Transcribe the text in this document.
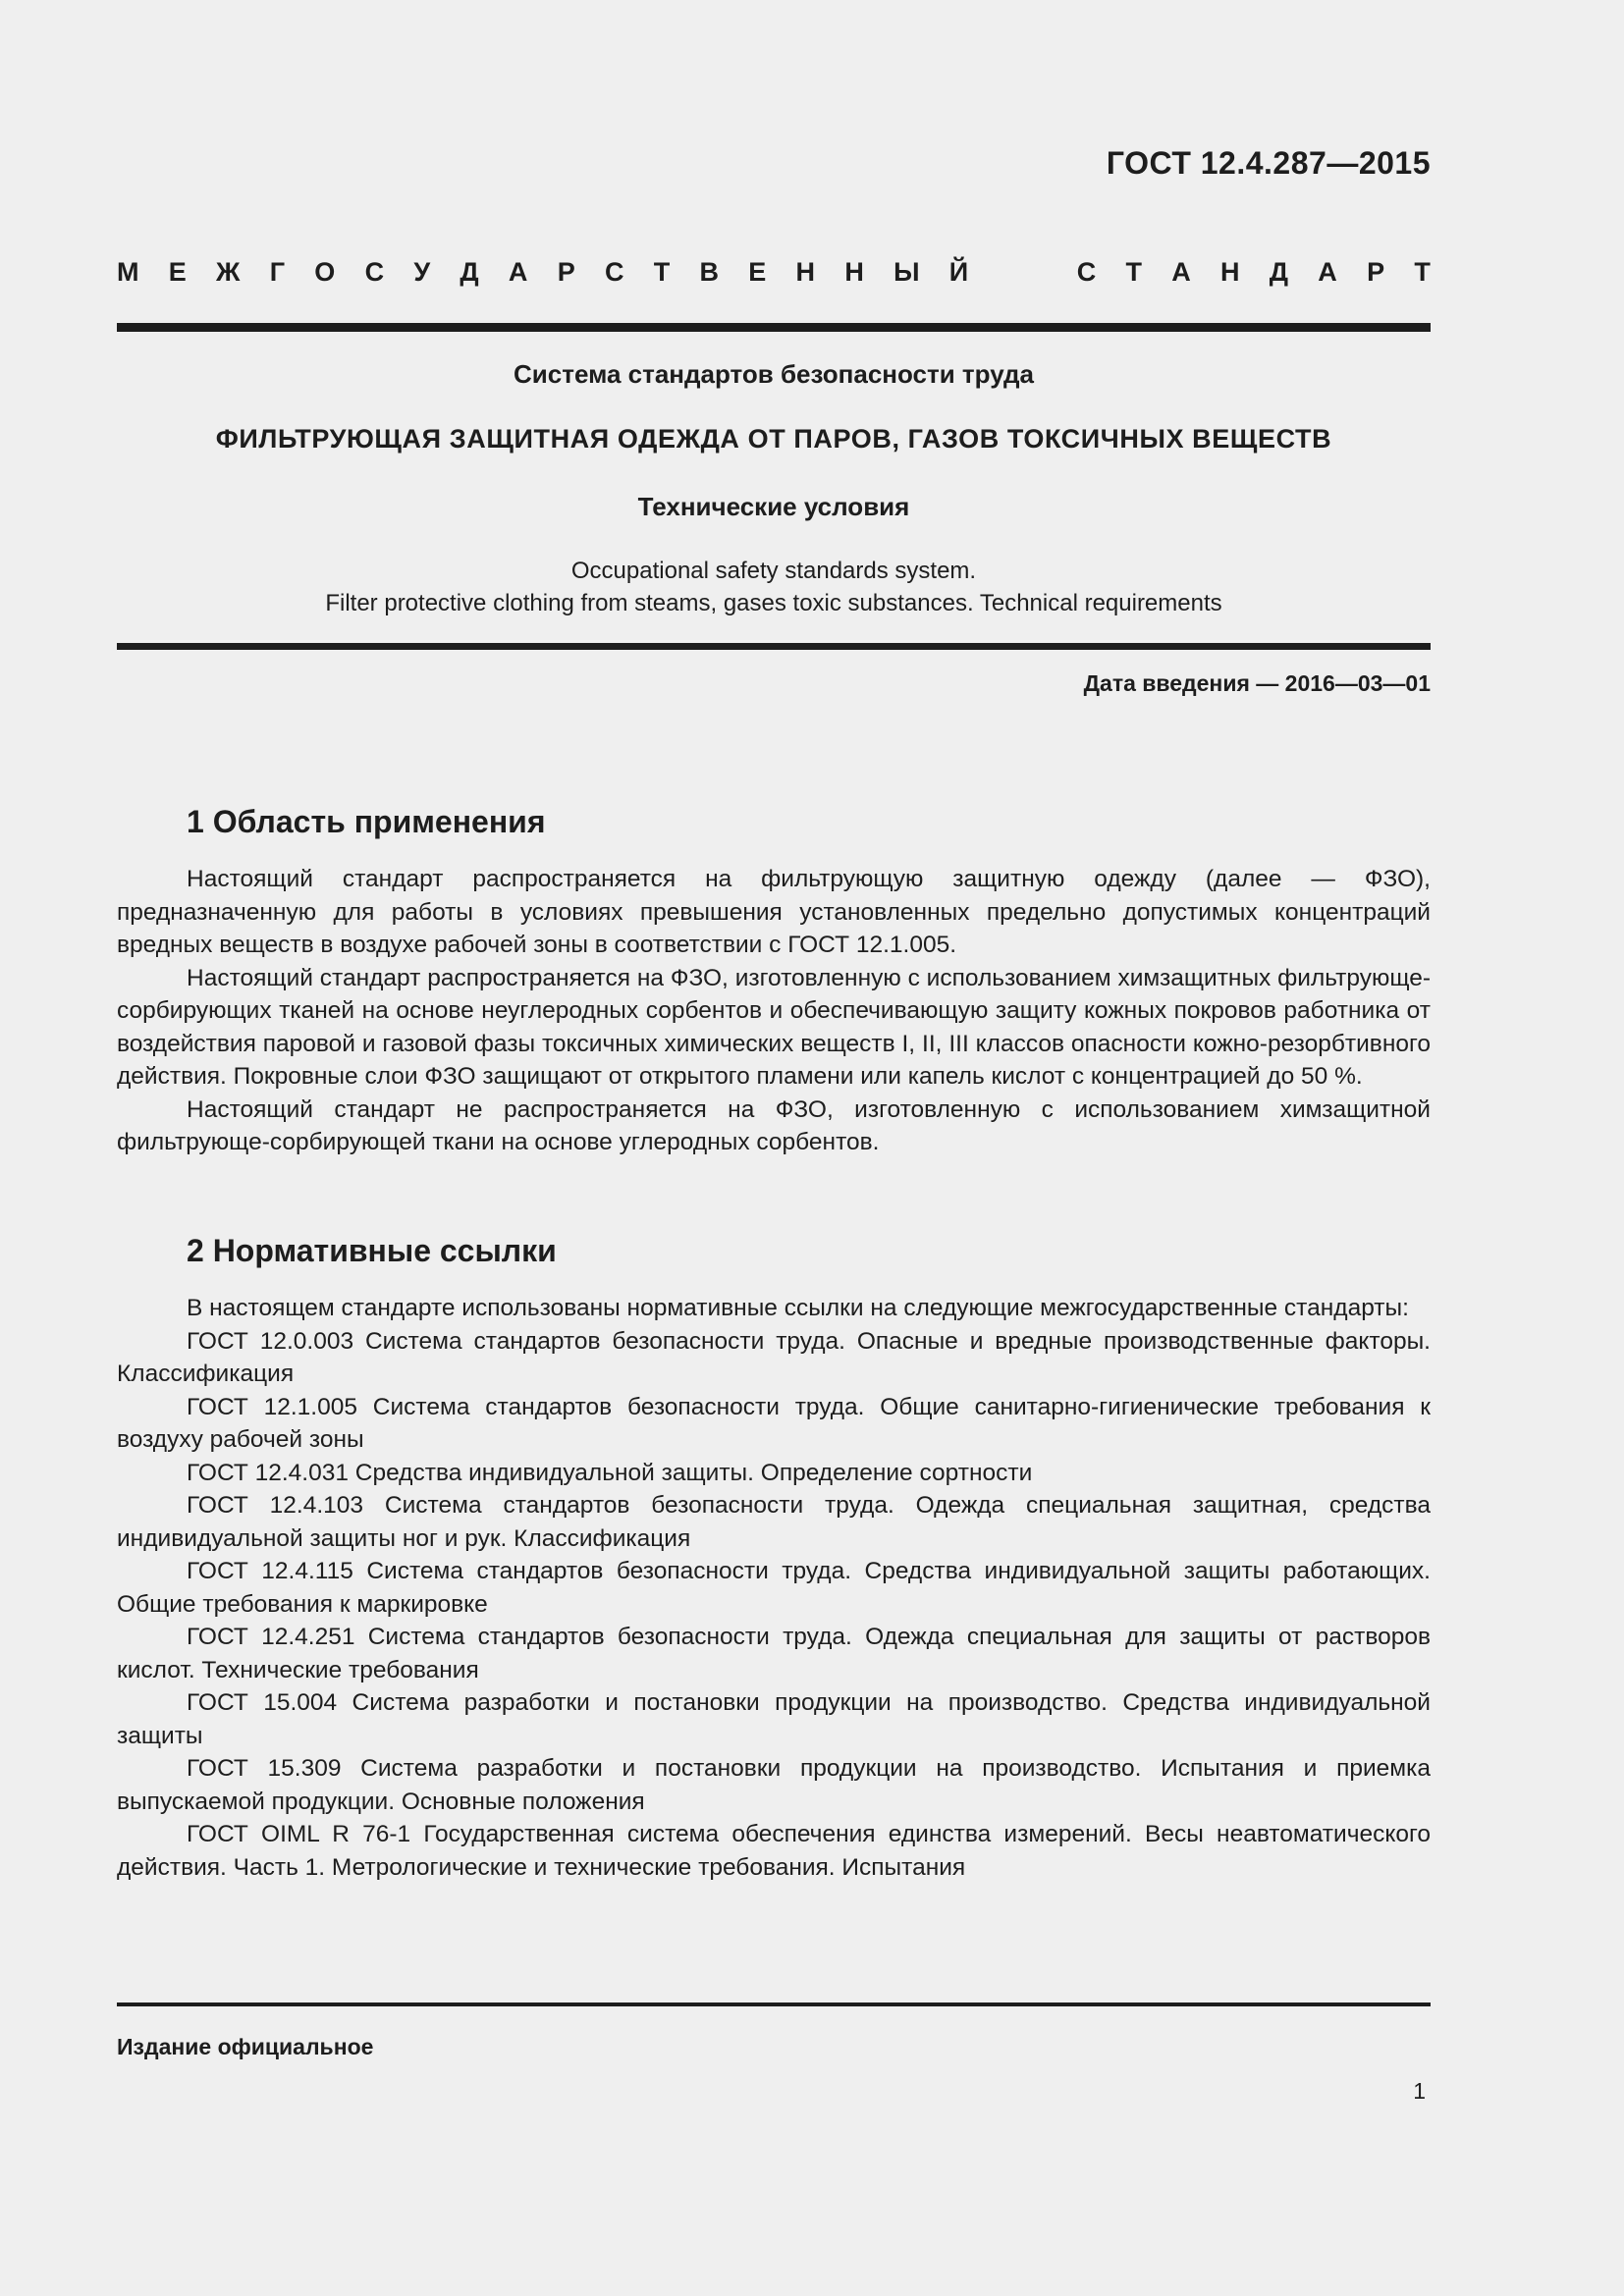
ГОСТ 12.4.287—2015
М Е Ж Г О С У Д А Р С Т В Е Н Н Ы Й	С Т А Н Д А Р Т
Система стандартов безопасности труда
ФИЛЬТРУЮЩАЯ ЗАЩИТНАЯ ОДЕЖДА ОТ ПАРОВ, ГАЗОВ ТОКСИЧНЫХ ВЕЩЕСТВ
Технические условия
Occupational safety standards system.
Filter protective clothing from steams, gases toxic substances. Technical requirements
Дата введения — 2016—03—01
1 Область применения

Настоящий стандарт распространяется на фильтрующую защитную одежду (далее — ФЗО), предназначенную для работы в условиях превышения установленных предельно допустимых концентраций вредных веществ в воздухе рабочей зоны в соответствии с ГОСТ 12.1.005.

Настоящий стандарт распространяется на ФЗО, изготовленную с использованием химзащитных фильтрующе-сорбирующих тканей на основе неуглеродных сорбентов и обеспечивающую защиту кожных покровов работника от воздействия паровой и газовой фазы токсичных химических веществ I, II, III классов опасности кожно-резорбтивного действия. Покровные слои ФЗО защищают от открытого пламени или капель кислот с концентрацией до 50 %.

Настоящий стандарт не распространяется на ФЗО, изготовленную с использованием химзащитной фильтрующе-сорбирующей ткани на основе углеродных сорбентов.

2 Нормативные ссылки

В настоящем стандарте использованы нормативные ссылки на следующие межгосударственные стандарты:

ГОСТ 12.0.003 Система стандартов безопасности труда. Опасные и вредные производственные факторы. Классификация

ГОСТ 12.1.005 Система стандартов безопасности труда. Общие санитарно-гигиенические требования к воздуху рабочей зоны

ГОСТ 12.4.031 Средства индивидуальной защиты. Определение сортности

ГОСТ 12.4.103 Система стандартов безопасности труда. Одежда специальная защитная, средства индивидуальной защиты ног и рук. Классификация

ГОСТ 12.4.115 Система стандартов безопасности труда. Средства индивидуальной защиты работающих. Общие требования к маркировке

ГОСТ 12.4.251 Система стандартов безопасности труда. Одежда специальная для защиты от растворов кислот. Технические требования

ГОСТ 15.004 Система разработки и постановки продукции на производство. Средства индивидуальной защиты

ГОСТ 15.309 Система разработки и постановки продукции на производство. Испытания и приемка выпускаемой продукции. Основные положения

ГОСТ OIML R 76-1 Государственная система обеспечения единства измерений. Весы неавтоматического действия. Часть 1. Метрологические и технические требования. Испытания

Издание официальное
1
